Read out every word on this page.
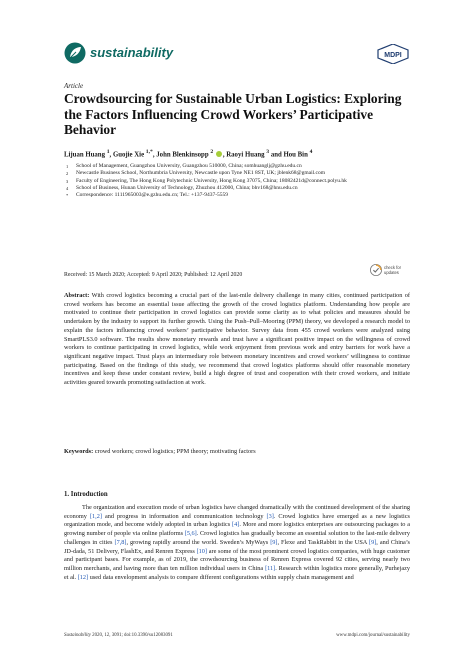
sustainability	MDPI
Article
Crowdsourcing for Sustainable Urban Logistics: Exploring the Factors Influencing Crowd Workers’ Participative Behavior
Lijuan Huang $^1$, Guojie Xie $^{1,*}$, John Blenkinsopp $^2$ , Raoyi Huang $^3$ and Hou Bin $^4$
1 School of Management, Guangzhou University, Guangzhou 510000, China; somhuanglj@gzhu.edu.cn
2 Newcastle Business School, Northumbria University, Newcastle upon Tyne NE1 8ST, UK; jblenk68@gmail.com
3 Faculty of Engineering, The Hong Kong Polytechnic University, Hong Kong 37075, China; 18082421d@connect.polyu.hk
4 School of Business, Hunan University of Technology, Zhuzhou 412000, China; bhv168@hnu.edu.cn
* Correspondence: 1111965003@e.gzhu.edu.cn; Tel.: +137-9437-5559
check for updates
Received: 15 March 2020; Accepted: 9 April 2020; Published: 12 April 2020
Abstract: With crowd logistics becoming a crucial part of the last-mile delivery challenge in many cities, continued participation of crowd workers has become an essential issue affecting the growth of the crowd logistics platform. Understanding how people are motivated to continue their participation in crowd logistics can provide some clarity as to what policies and measures should be undertaken by the industry to support its further growth. Using the Push–Pull–Mooring (PPM) theory, we developed a research model to explain the factors influencing crowd workers’ participative behavior. Survey data from 455 crowd workers were analyzed using SmartPLS3.0 software. The results show monetary rewards and trust have a significant positive impact on the willingness of crowd workers to continue participating in crowd logistics, while work enjoyment from previous work and entry barriers for work have a significant negative impact. Trust plays an intermediary role between monetary incentives and crowd workers’ willingness to continue participating. Based on the findings of this study, we recommend that crowd logistics platforms should offer reasonable monetary incentives and keep these under constant review, build a high degree of trust and cooperation with their crowd workers, and initiate activities geared towards promoting satisfaction at work.
Keywords: crowd workers; crowd logistics; PPM theory; motivating factors
1. Introduction
The organization and execution mode of urban logistics have changed dramatically with the continued development of the sharing economy [1,2] and progress in information and communication technology [3]. Crowd logistics have emerged as a new logistics organization mode, and become widely adopted in urban logistics [4]. More and more logistics enterprises are outsourcing packages to a growing number of people via online platforms [5,6]. Crowd logistics has gradually become an essential solution to the last-mile delivery challenges in cities [7,8], growing rapidly around the world. Sweden’s MyWays [9], Flexe and TaskRabbit in the USA [9], and China’s JD-dada, 51 Delivery, FlashEx, and Renren Express [10] are some of the most prominent crowd logistics companies, with huge customer and participant bases. For example, as of 2019, the crowdsourcing business of Renren Express covered 92 cities, serving nearly two million merchants, and having more than ten million individual users in China [11]. Research within logistics more generally, Purhejazy et al. [12] used data envelopment analysis to compare different configurations within supply chain management and
Sustainability 2020, 12, 3091; doi:10.3390/su12083091	www.mdpi.com/journal/sustainability
